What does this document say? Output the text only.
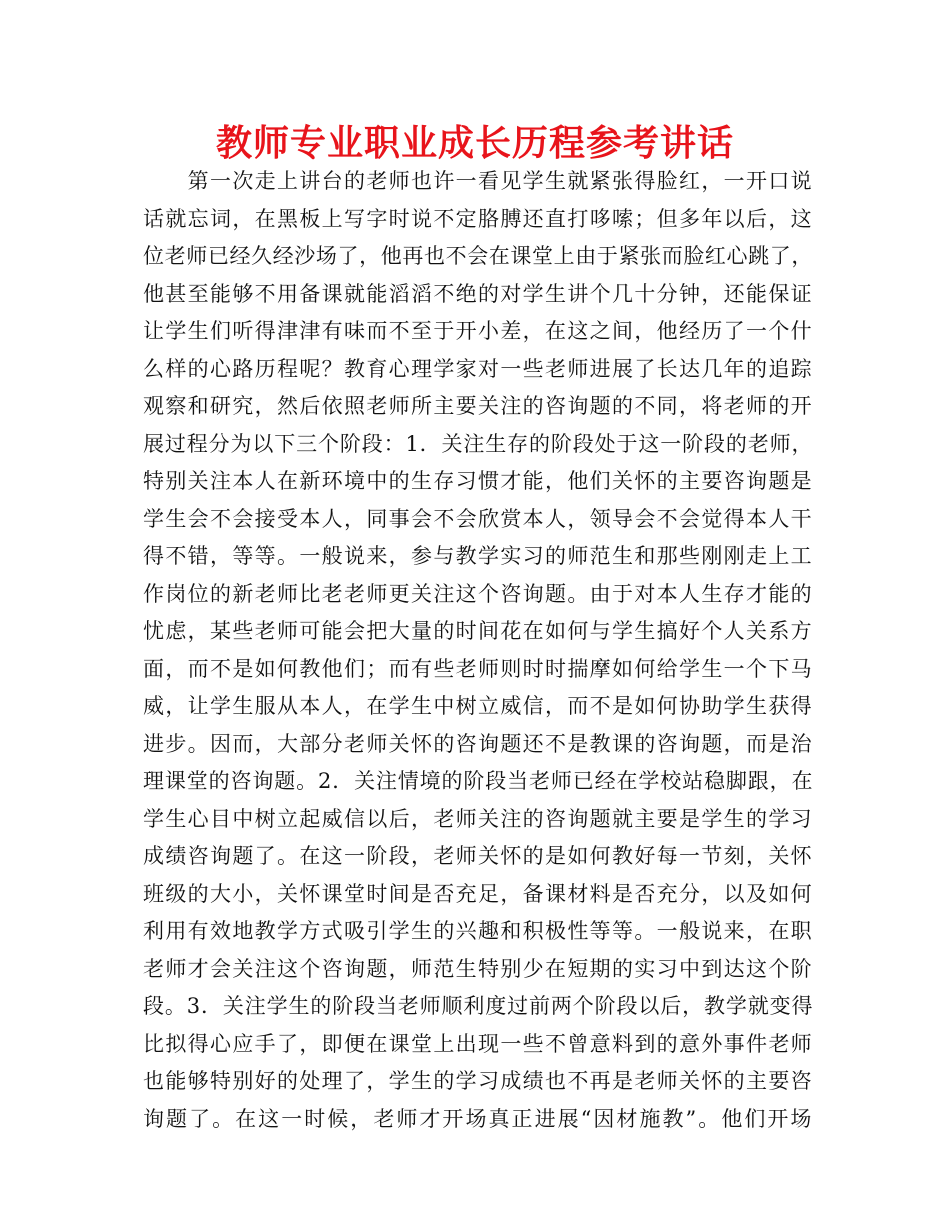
教师专业职业成长历程参考讲话
　　第一次走上讲台的老师也许一看见学生就紧张得脸红，一开口说
话就忘词，在黑板上写字时说不定胳膊还直打哆嗦；但多年以后，这
位老师已经久经沙场了，他再也不会在课堂上由于紧张而脸红心跳了，
他甚至能够不用备课就能滔滔不绝的对学生讲个几十分钟，还能保证
让学生们听得津津有味而不至于开小差，在这之间，他经历了一个什
么样的心路历程呢？教育心理学家对一些老师进展了长达几年的追踪
观察和研究，然后依照老师所主要关注的咨询题的不同，将老师的开
展过程分为以下三个阶段：1．关注生存的阶段处于这一阶段的老师，
特别关注本人在新环境中的生存习惯才能，他们关怀的主要咨询题是
学生会不会接受本人，同事会不会欣赏本人，领导会不会觉得本人干
得不错，等等。一般说来，参与教学实习的师范生和那些刚刚走上工
作岗位的新老师比老老师更关注这个咨询题。由于对本人生存才能的
忧虑，某些老师可能会把大量的时间花在如何与学生搞好个人关系方
面，而不是如何教他们；而有些老师则时时揣摩如何给学生一个下马
威，让学生服从本人，在学生中树立威信，而不是如何协助学生获得
进步。因而，大部分老师关怀的咨询题还不是教课的咨询题，而是治
理课堂的咨询题。2．关注情境的阶段当老师已经在学校站稳脚跟，在
学生心目中树立起威信以后，老师关注的咨询题就主要是学生的学习
成绩咨询题了。在这一阶段，老师关怀的是如何教好每一节刻，关怀
班级的大小，关怀课堂时间是否充足，备课材料是否充分，以及如何
利用有效地教学方式吸引学生的兴趣和积极性等等。一般说来，在职
老师才会关注这个咨询题，师范生特别少在短期的实习中到达这个阶
段。3．关注学生的阶段当老师顺利度过前两个阶段以后，教学就变得
比拟得心应手了，即便在课堂上出现一些不曾意料到的意外事件老师
也能够特别好的处理了，学生的学习成绩也不再是老师关怀的主要咨
询题了。在这一时候，老师才开场真正进展“因材施教”。他们开场
